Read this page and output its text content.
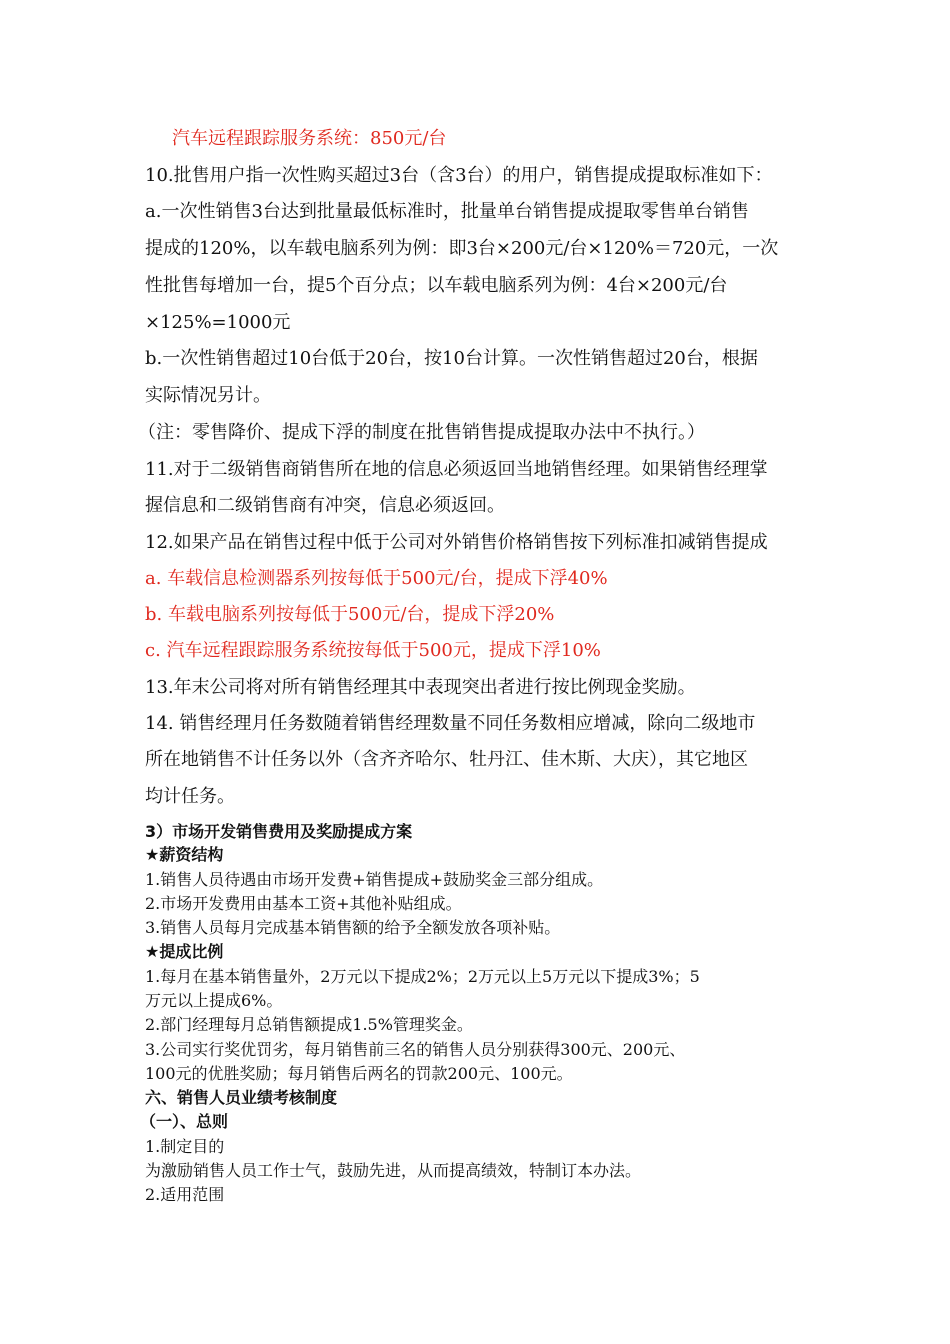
汽车远程跟踪服务系统：850元/台

10.批售用户指一次性购买超过3台（含3台）的用户，销售提成提取标准如下：

a.一次性销售3台达到批量最低标准时，批量单台销售提成提取零售单台销售

提成的120%，以车载电脑系列为例：即3台×200元/台×120%＝720元，一次

性批售每增加一台，提5个百分点；以车载电脑系列为例：4台×200元/台

×125%=1000元

b.一次性销售超过10台低于20台，按10台计算。一次性销售超过20台，根据

实际情况另计。

（注：零售降价、提成下浮的制度在批售销售提成提取办法中不执行。）

11.对于二级销售商销售所在地的信息必须返回当地销售经理。如果销售经理掌

握信息和二级销售商有冲突，信息必须返回。

12.如果产品在销售过程中低于公司对外销售价格销售按下列标准扣减销售提成

a. 车载信息检测器系列按每低于500元/台，提成下浮40%

b. 车载电脑系列按每低于500元/台，提成下浮20%

c. 汽车远程跟踪服务系统按每低于500元，提成下浮10%

13.年末公司将对所有销售经理其中表现突出者进行按比例现金奖励。

14. 销售经理月任务数随着销售经理数量不同任务数相应增减，除向二级地市

所在地销售不计任务以外（含齐齐哈尔、牡丹江、佳木斯、大庆），其它地区

均计任务。

3）市场开发销售费用及奖励提成方案

★薪资结构

1.销售人员待遇由市场开发费+销售提成+鼓励奖金三部分组成。

2.市场开发费用由基本工资+其他补贴组成。

3.销售人员每月完成基本销售额的给予全额发放各项补贴。

★提成比例

1.每月在基本销售量外，2万元以下提成2%；2万元以上5万元以下提成3%；5

万元以上提成6%。

2.部门经理每月总销售额提成1.5%管理奖金。

3.公司实行奖优罚劣，每月销售前三名的销售人员分别获得300元、200元、

100元的优胜奖励；每月销售后两名的罚款200元、100元。

六、销售人员业绩考核制度

（一）、总则

1.制定目的

为激励销售人员工作士气，鼓励先进，从而提高绩效，特制订本办法。

2.适用范围
